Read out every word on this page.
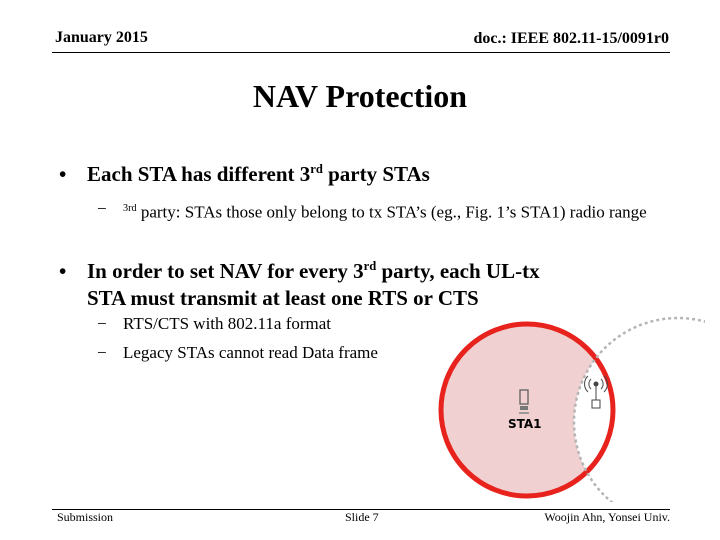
January 2015	doc.: IEEE 802.11-15/0091r0
NAV Protection
• Each STA has different 3rd party STAs
−	$^{3rd}$ party: STAs those only belong to tx STA’s (eg., Fig. 1’s STA1) radio range
• In order to set NAV for every 3rd party, each UL-tx
STA must transmit at least one RTS or CTS
− RTS/CTS with 802.11a format
− Legacy STAs cannot read Data frame
STA1
Submission	Slide 7	Woojin Ahn, Yonsei Univ.
